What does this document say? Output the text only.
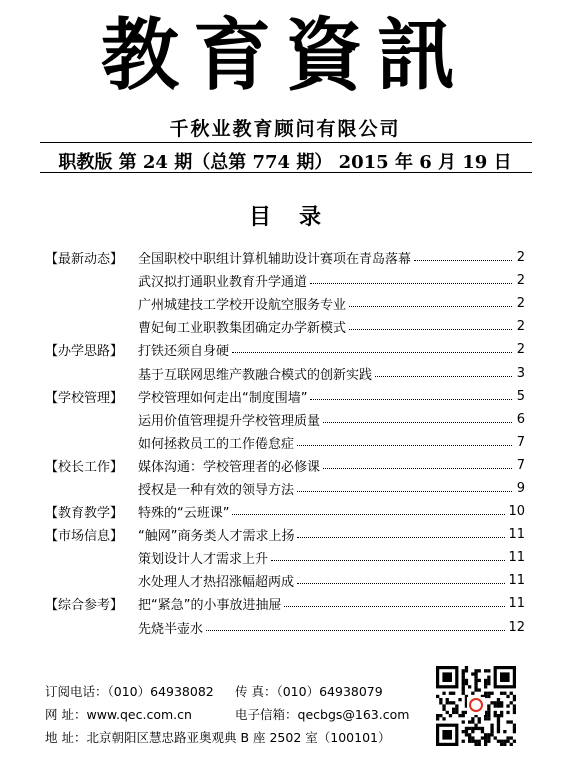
教育資訊
千秋业教育顾问有限公司
职教版 第 24 期（总第 774 期） 2015 年 6 月 19 日
目录
【最新动态】	全国职校中职组计算机辅助设计赛项在青岛落幕	2
武汉拟打通职业教育升学通道	2
广州城建技工学校开设航空服务专业	2
曹妃甸工业职教集团确定办学新模式	2
【办学思路】	打铁还须自身硬	2
基于互联网思维产教融合模式的创新实践	3
【学校管理】	学校管理如何走出“制度围墙”	5
运用价值管理提升学校管理质量	6
如何拯救员工的工作倦怠症	7
【校长工作】	媒体沟通：学校管理者的必修课	7
授权是一种有效的领导方法	9
【教育教学】	特殊的“云班课”	10
【市场信息】	“触网”商务类人才需求上扬	11
策划设计人才需求上升	11
水处理人才热招涨幅超两成	11
【综合参考】	把“紧急”的小事放进抽屉	11
先烧半壶水	12
订阅电话：（010）64938082 传 真：（010）64938079
网 址：www.qec.com.cn	电子信箱：qecbgs@163.com
地 址：北京朝阳区慧忠路亚奥观典 B 座 2502 室（100101）
